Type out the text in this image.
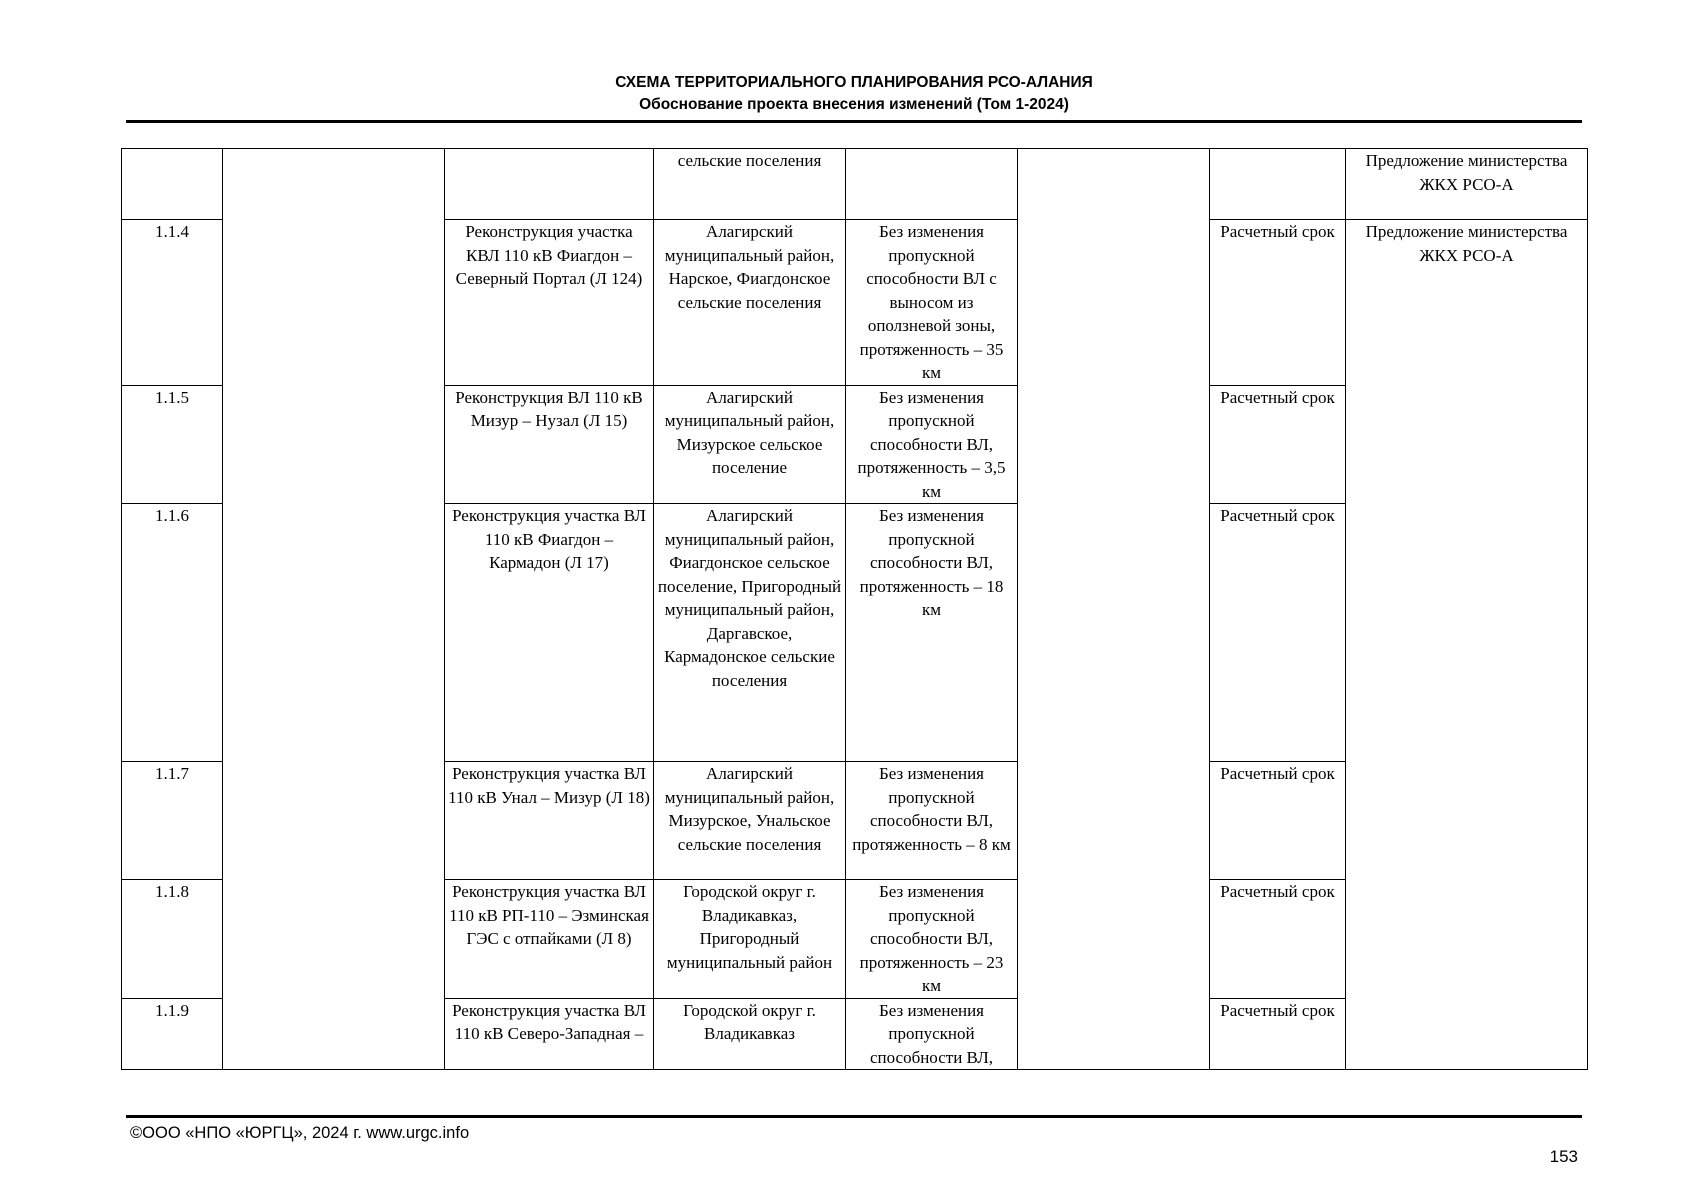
СХЕМА ТЕРРИТОРИАЛЬНОГО ПЛАНИРОВАНИЯ РСО-АЛАНИЯ
Обоснование проекта внесения изменений (Том 1-2024)
			сельские поселения				Предложение министерства ЖКХ РСО-А
1.1.4		Реконструкция участка КВЛ 110 кВ Фиагдон – Северный Портал (Л 124)	Алагирский муниципальный район, Нарское, Фиагдонское сельские поселения	Без изменения пропускной способности ВЛ с выносом из оползневой зоны, протяженность – 35 км		Расчетный срок	Предложение министерства ЖКХ РСО-А
1.1.5		Реконструкция ВЛ 110 кВ Мизур – Нузал (Л 15)	Алагирский муниципальный район, Мизурское сельское поселение	Без изменения пропускной способности ВЛ, протяженность – 3,5 км		Расчетный срок	
1.1.6		Реконструкция участка ВЛ 110 кВ Фиагдон – Кармадон (Л 17)	Алагирский муниципальный район, Фиагдонское сельское поселение, Пригородный муниципальный район, Даргавское, Кармадонское сельские поселения	Без изменения пропускной способности ВЛ, протяженность – 18 км		Расчетный срок	
1.1.7		Реконструкция участка ВЛ 110 кВ Унал – Мизур (Л 18)	Алагирский муниципальный район, Мизурское, Унальское сельские поселения	Без изменения пропускной способности ВЛ, протяженность – 8 км		Расчетный срок	
1.1.8		Реконструкция участка ВЛ 110 кВ РП-110 – Эзминская ГЭС с отпайками (Л 8)	Городской округ г. Владикавказ, Пригородный муниципальный район	Без изменения пропускной способности ВЛ, протяженность – 23 км		Расчетный срок	
1.1.9		Реконструкция участка ВЛ 110 кВ Северо-Западная –	Городской округ г. Владикавказ	Без изменения пропускной способности ВЛ,		Расчетный срок	
©ООО «НПО «ЮРГЦ», 2024 г. www.urgc.info
153
